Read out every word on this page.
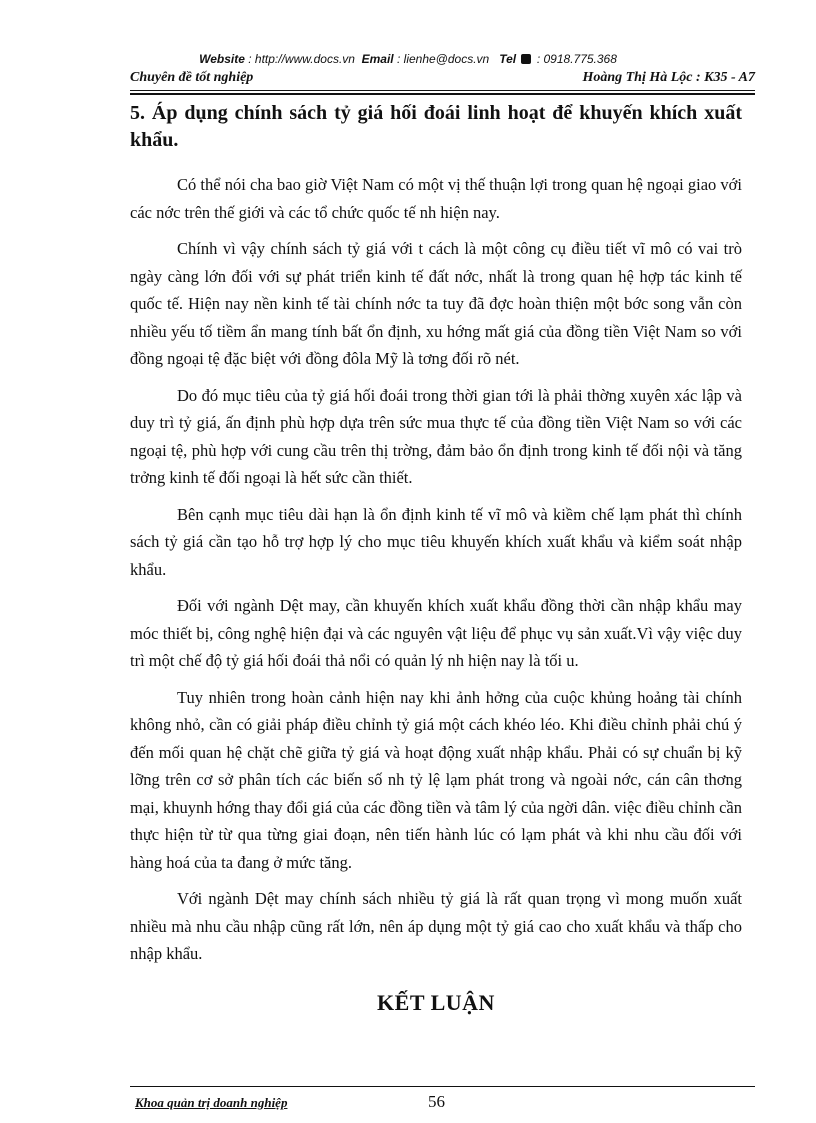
Website : http://www.docs.vn Email : lienhe@docs.vn Tel : 0918.775.368
Chuyên đề tốt nghiệp	Hoàng Thị Hà Lộc : K35 - A7
5. Áp dụng chính sách tỷ giá hối đoái linh hoạt để khuyến khích xuất khẩu.

Có thể nói cha bao giờ Việt Nam có một vị thế thuận lợi trong quan hệ ngoại giao với các nớc trên thế giới và các tổ chức quốc tế nh hiện nay.

Chính vì vậy chính sách tỷ giá với t cách là một công cụ điều tiết vĩ mô có vai trò ngày càng lớn đối với sự phát triển kinh tế đất nớc, nhất là trong quan hệ hợp tác kinh tế quốc tế. Hiện nay nền kinh tế tài chính nớc ta tuy đã đợc hoàn thiện một bớc song vẫn còn nhiều yếu tố tiềm ẩn mang tính bất ổn định, xu hớng mất giá của đồng tiền Việt Nam so với đồng ngoại tệ đặc biệt với đồng đôla Mỹ là tơng đối rõ nét.

Do đó mục tiêu của tỷ giá hối đoái trong thời gian tới là phải thờng xuyên xác lập và duy trì tỷ giá, ấn định phù hợp dựa trên sức mua thực tế của đồng tiền Việt Nam so với các ngoại tệ, phù hợp với cung cầu trên thị trờng, đảm bảo ổn định trong kinh tế đối nội và tăng trởng kinh tế đối ngoại là hết sức cần thiết.

Bên cạnh mục tiêu dài hạn là ổn định kinh tế vĩ mô và kiềm chế lạm phát thì chính sách tỷ giá cần tạo hỗ trợ hợp lý cho mục tiêu khuyến khích xuất khẩu và kiểm soát nhập khẩu.

Đối với ngành Dệt may, cần khuyến khích xuất khẩu đồng thời cần nhập khẩu may móc thiết bị, công nghệ hiện đại và các nguyên vật liệu để phục vụ sản xuất.Vì vậy việc duy trì một chế độ tỷ giá hối đoái thả nổi có quản lý nh hiện nay là tối u.

Tuy nhiên trong hoàn cảnh hiện nay khi ảnh hởng của cuộc khủng hoảng tài chính không nhỏ, cần có giải pháp điều chỉnh tỷ giá một cách khéo léo. Khi điều chỉnh phải chú ý đến mối quan hệ chặt chẽ giữa tỷ giá và hoạt động xuất nhập khẩu. Phải có sự chuẩn bị kỹ lỡng trên cơ sở phân tích các biến số nh tỷ lệ lạm phát trong và ngoài nớc, cán cân thơng mại, khuynh hớng thay đổi giá của các đồng tiền và tâm lý của ngời dân. việc điều chỉnh cần thực hiện từ từ qua từng giai đoạn, nên tiến hành lúc có lạm phát và khi nhu cầu đối với hàng hoá của ta đang ở mức tăng.

Với ngành Dệt may chính sách nhiều tỷ giá là rất quan trọng vì mong muốn xuất nhiều mà nhu cầu nhập cũng rất lớn, nên áp dụng một tỷ giá cao cho xuất khẩu và thấp cho nhập khẩu.

KẾT LUẬN
Khoa quản trị doanh nghiệp	56
